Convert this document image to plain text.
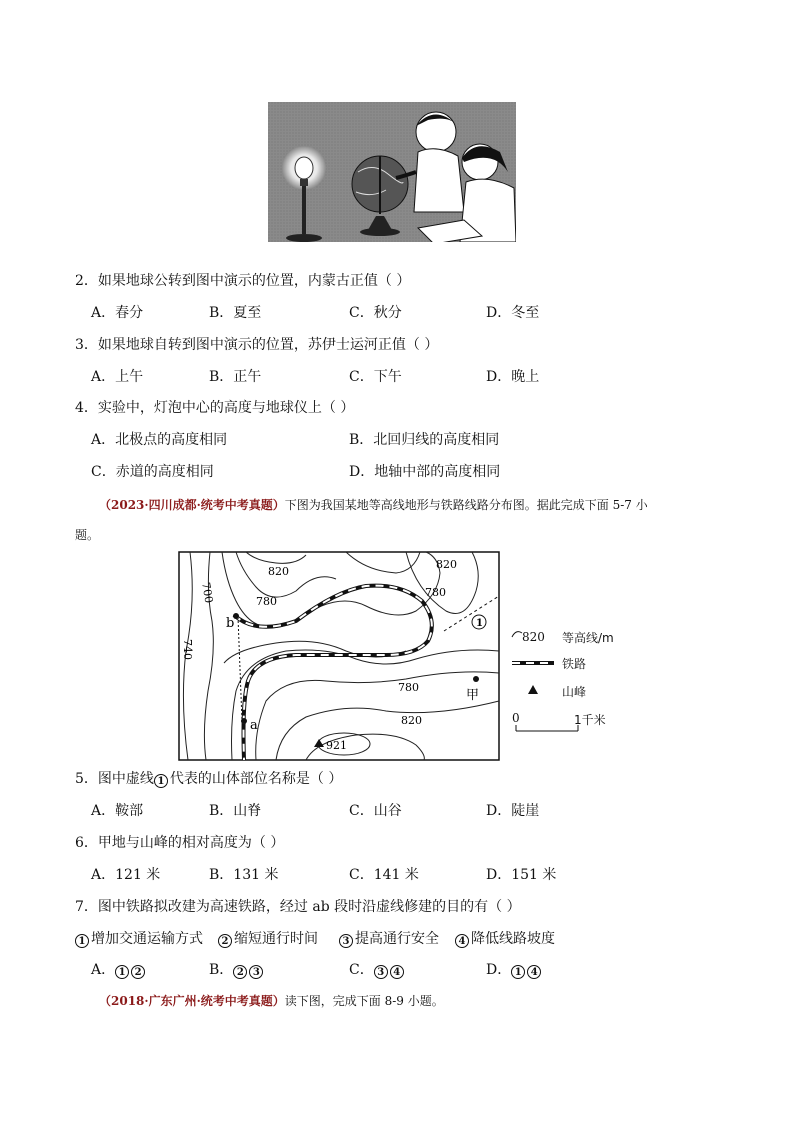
2．如果地球公转到图中演示的位置，内蒙古正值（ ）
A．春分	B．夏至	C．秋分	D．冬至
3．如果地球自转到图中演示的位置，苏伊士运河正值（ ）
A．上午	B．正午	C．下午	D．晚上
4．实验中，灯泡中心的高度与地球仪上（ ）
A．北极点的高度相同	B．北回归线的高度相同
C．赤道的高度相同	D．地轴中部的高度相同
（2023·四川成都·统考中考真题）下图为我国某地等高线地形与铁路线路分布图。据此完成下面 5-7 小
题。
820
820
820
780
780
780
700
740
b
a
甲
1
921
820 等高线/m
铁路
山峰
0	1千米
5．图中虚线 1 代表的山体部位名称是（ ）
A．鞍部	B．山脊	C．山谷	D．陡崖
6．甲地与山峰的相对高度为（ ）
A．121 米	B．131 米	C．141 米	D．151 米
7．图中铁路拟改建为高速铁路，经过 ab 段时沿虚线修建的目的有（ ）
1 增加交通运输方式	2 缩短通行时间	3 提高通行安全	4 降低线路坡度
A． 1 2	B． 2 3	C． 3 4	D． 1 4
（2018·广东广州·统考中考真题）读下图，完成下面 8-9 小题。
